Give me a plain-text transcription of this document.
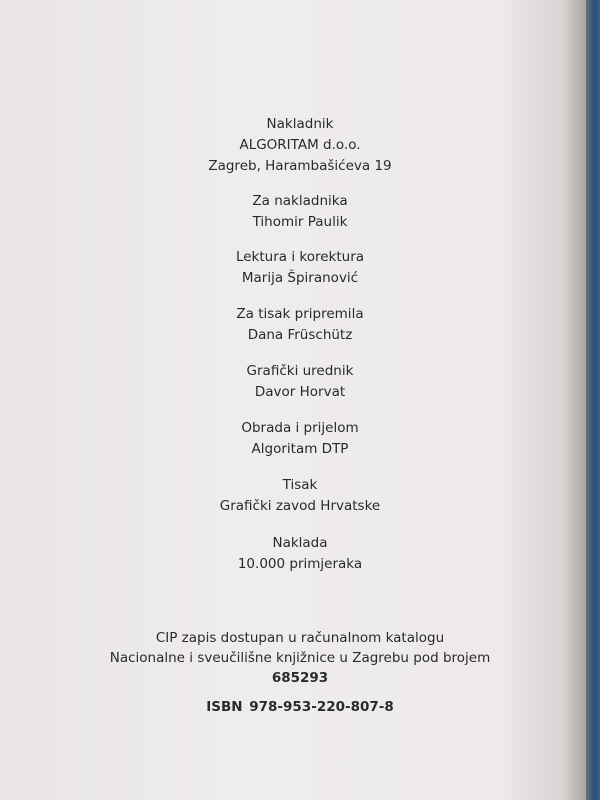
Nakladnik
ALGORITAM d.o.o.
Zagreb, Harambašićeva 19
Za nakladnika
Tihomir Paulik
Lektura i korektura
Marija Špiranović
Za tisak pripremila
Dana Früschütz
Grafički urednik
Davor Horvat
Obrada i prijelom
Algoritam DTP
Tisak
Grafički zavod Hrvatske
Naklada
10.000 primjeraka
CIP zapis dostupan u računalnom katalogu
Nacionalne i sveučilišne knjižnice u Zagrebu pod brojem
685293
ISBN 978-953-220-807-8
